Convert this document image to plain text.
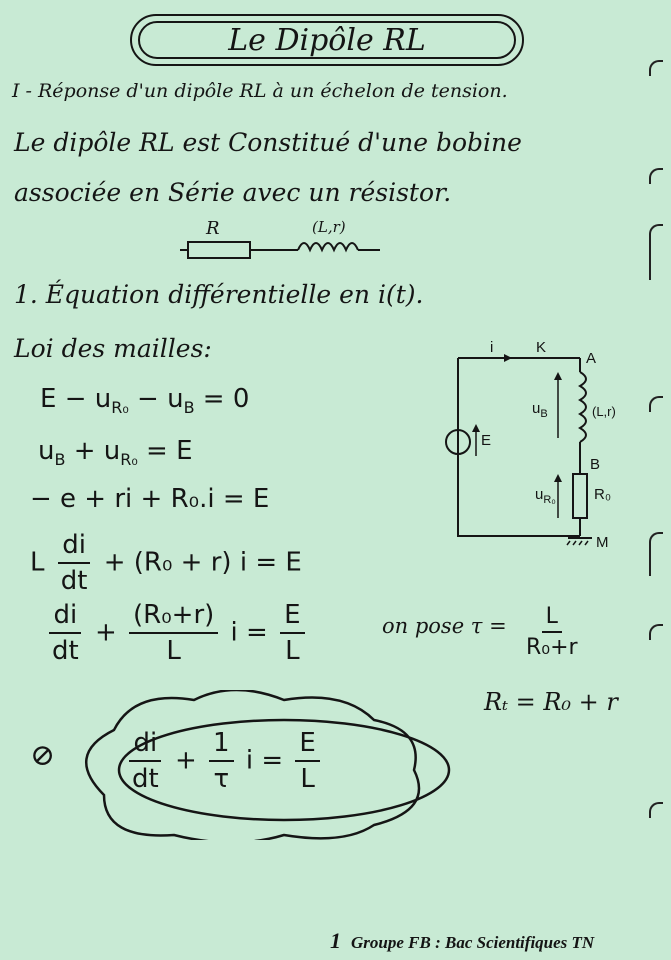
Le Dipôle RL
I - Réponse d'un dipôle RL à un échelon de tension.
Le dipôle RL est Constitué d'une bobine
associée en Série avec un résistor.
R	(L,r)
1. Équation différentielle en i(t).
Loi des mailles:
$E - u_{R_0} - u_B = 0$
$u_B + u_{R_0} = E$
− e + ri + R₀.i = E
L $\frac{di}{dt} + (R_0 + r) i = E$
$\frac{di}{dt} + \frac{\text{(R₀+r)}}{L}$ $i = \frac{E}{L}$	on pose $\tau = \frac{L}{\text{R₀+r}}$
Rₜ = R₀ + r
⊘	$\frac{di}{dt} + \frac{1}{\tau}$ $i = \frac{E}{L}$
i	K
A
$u_B$	(L,r)
B
$u_{R_0}$	R₀
M
E
1 Groupe FB : Bac Scientifiques TN
